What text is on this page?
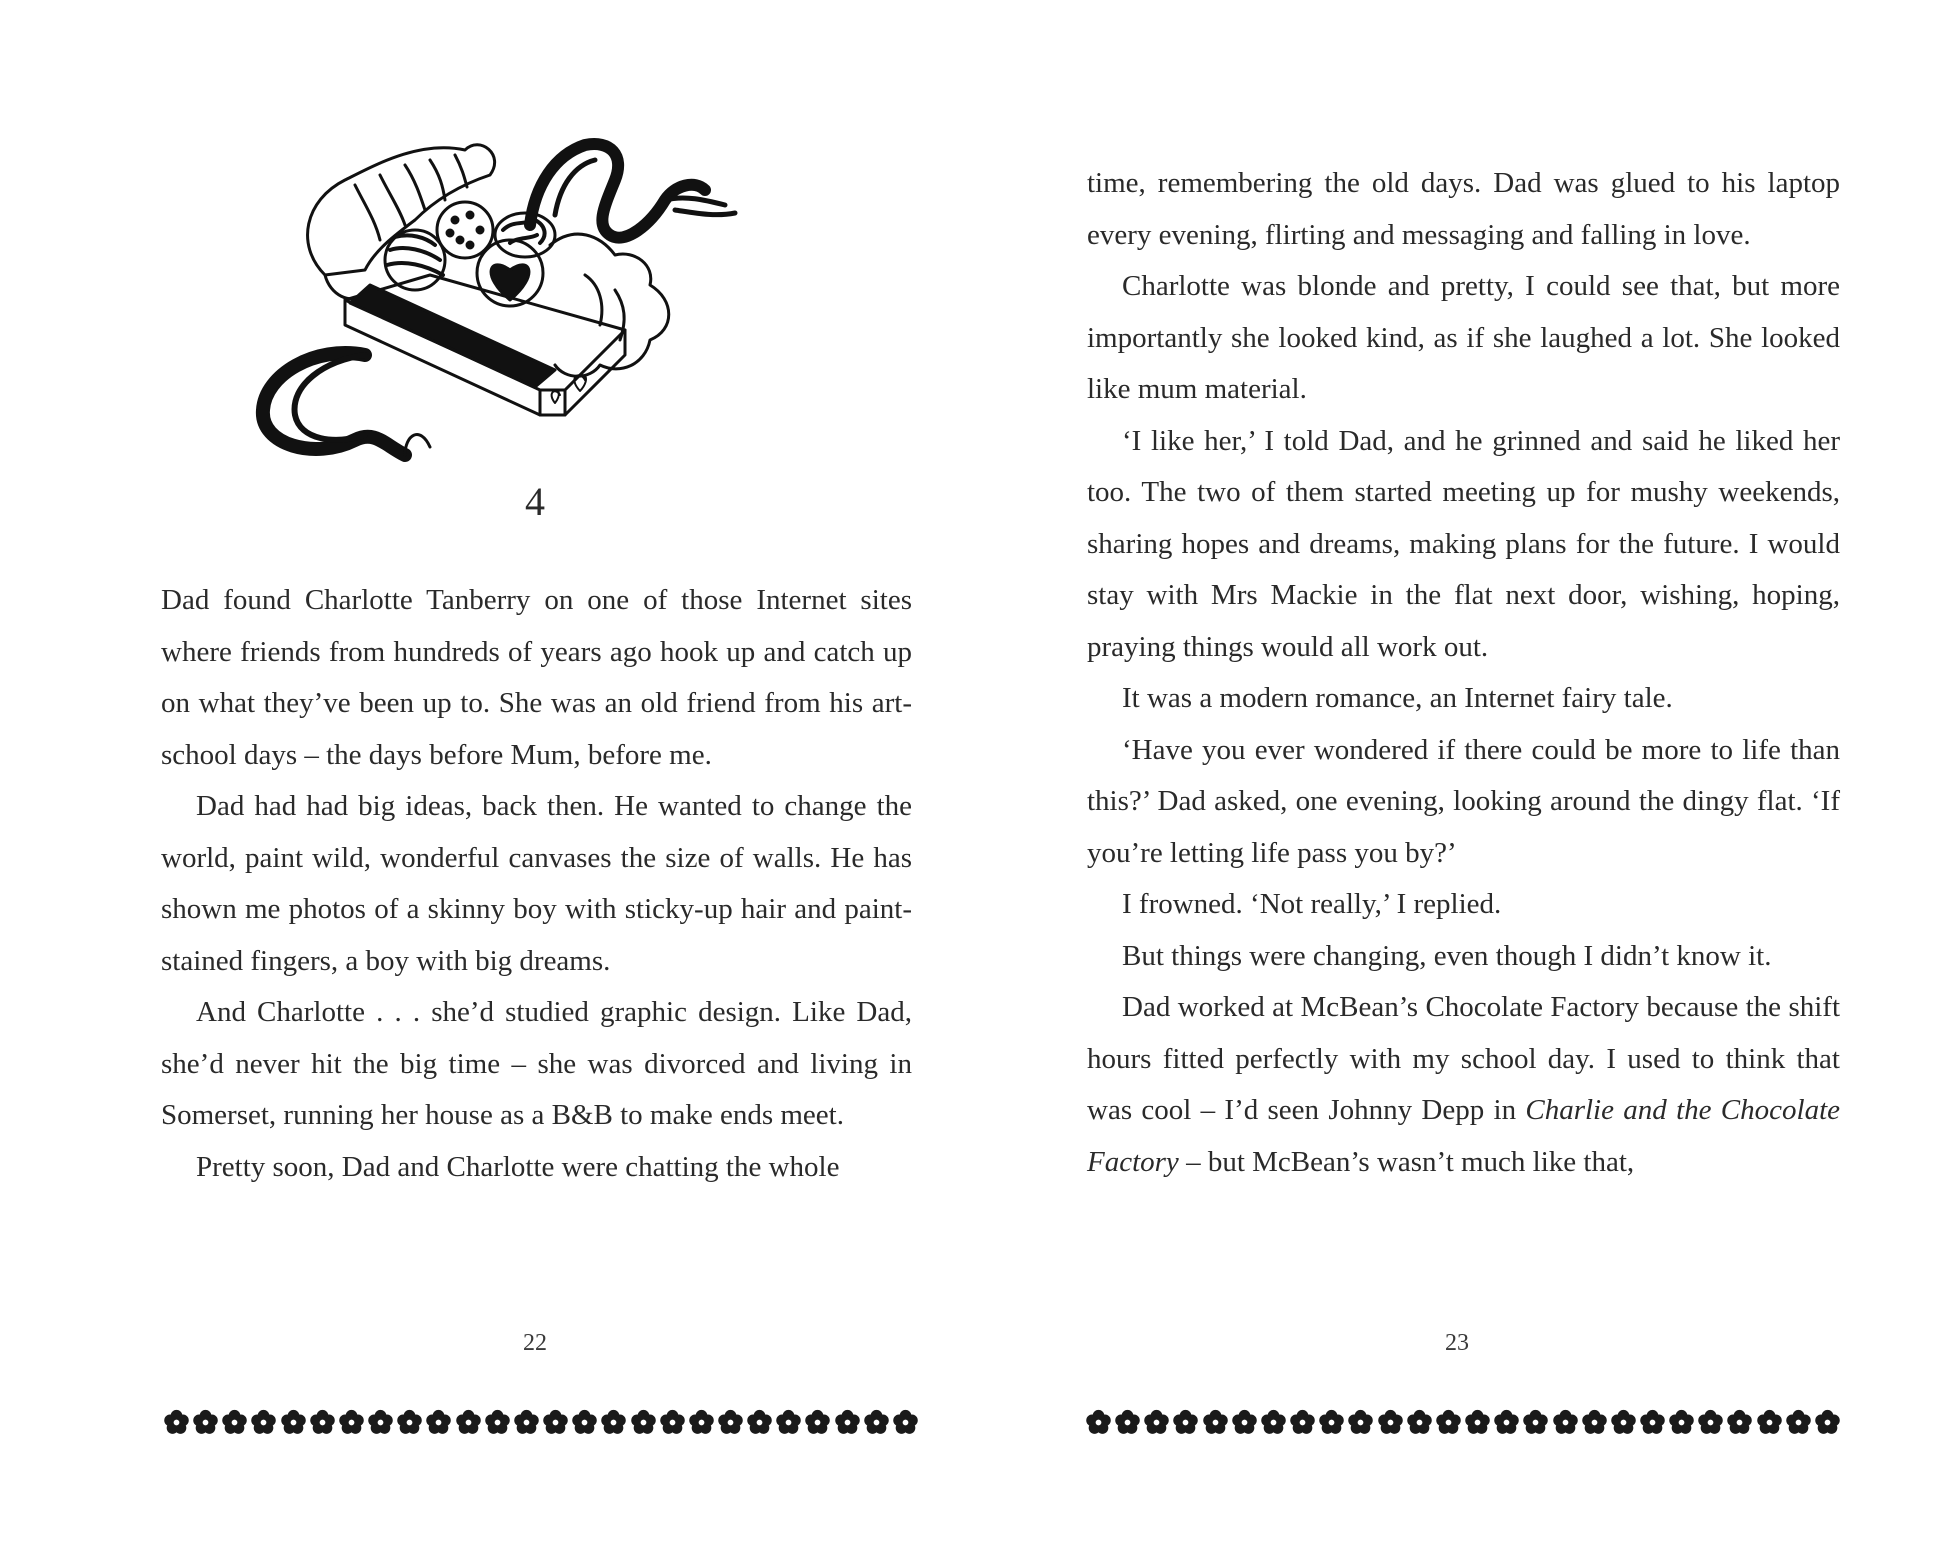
4

Dad found Charlotte Tanberry on one of those Internet sites where friends from hundreds of years ago hook up and catch up on what they’ve been up to. She was an old friend from his art-school days – the days before Mum, before me.

Dad had had big ideas, back then. He wanted to change the world, paint wild, wonderful canvases the size of walls. He has shown me photos of a skinny boy with sticky-up hair and paint-stained fingers, a boy with big dreams.

And Charlotte . . . she’d studied graphic design. Like Dad, she’d never hit the big time – she was divorced and living in Somerset, running her house as a B&B to make ends meet.

Pretty soon, Dad and Charlotte were chatting the whole

22

time, remembering the old days. Dad was glued to his laptop every evening, flirting and messaging and falling in love.

Charlotte was blonde and pretty, I could see that, but more importantly she looked kind, as if she laughed a lot. She looked like mum material.

‘I like her,’ I told Dad, and he grinned and said he liked her too. The two of them started meeting up for mushy weekends, sharing hopes and dreams, making plans for the future. I would stay with Mrs Mackie in the flat next door, wishing, hoping, praying things would all work out.

It was a modern romance, an Internet fairy tale.

‘Have you ever wondered if there could be more to life than this?’ Dad asked, one evening, looking around the dingy flat. ‘If you’re letting life pass you by?’

I frowned. ‘Not really,’ I replied.

But things were changing, even though I didn’t know it.

Dad worked at McBean’s Chocolate Factory because the shift hours fitted perfectly with my school day. I used to think that was cool – I’d seen Johnny Depp in Charlie and the Chocolate Factory – but McBean’s wasn’t much like that,

23
